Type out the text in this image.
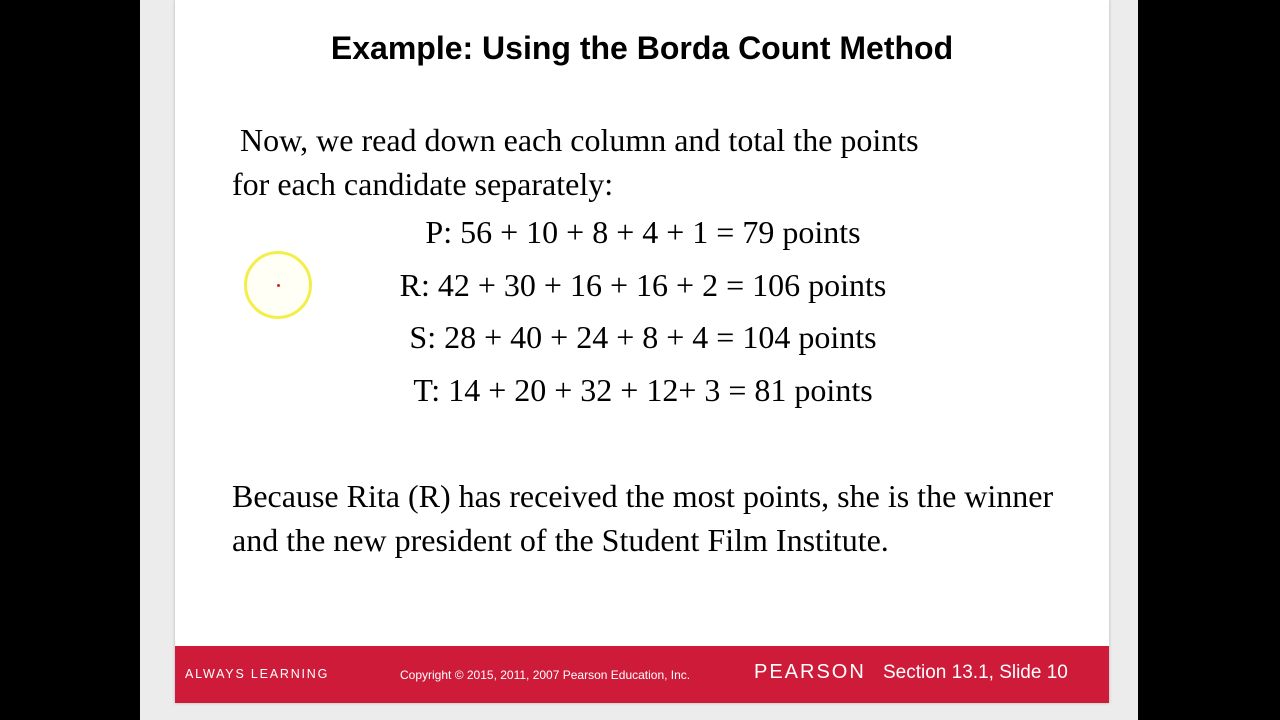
Example: Using the Borda Count Method
Now, we read down each column and total the points
for each candidate separately:
P: 56 + 10 + 8 + 4 + 1 = 79 points
R: 42 + 30 + 16 + 16 + 2 = 106 points
S: 28 + 40 + 24 + 8 + 4 = 104 points
T: 14 + 20 + 32 + 12+ 3 = 81 points

Because Rita (R) has received the most points, she is the winner and the new president of the Student Film Institute.

ALWAYS LEARNING	Copyright © 2015, 2011, 2007 Pearson Education, Inc.	PEARSON Section 13.1, Slide 10
